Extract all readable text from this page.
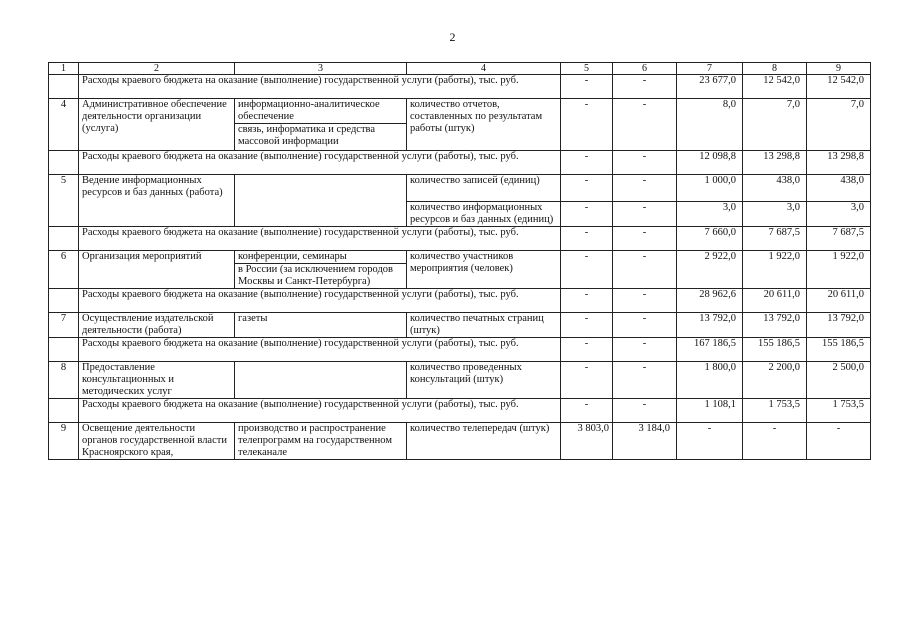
2
1	2	3	4	5	6	7	8	9
	Расходы краевого бюджета на оказание (выполнение) государственной услуги (работы), тыс. руб.			-	-	23 677,0	12 542,0	12 542,0
4	Административное обеспечение деятельности организации (услуга)	информационно-аналитическое обеспечение	количество отчетов, составленных по результатам работы (штук)	-	-	8,0	7,0	7,0
		связь, информатика и средства массовой информации						
	Расходы краевого бюджета на оказание (выполнение) государственной услуги (работы), тыс. руб.			-	-	12 098,8	13 298,8	13 298,8
5	Ведение информационных ресурсов и баз данных (работа)		количество записей (единиц)	-	-	1 000,0	438,0	438,0
			количество информационных ресурсов и баз данных (единиц)	-	-	3,0	3,0	3,0
	Расходы краевого бюджета на оказание (выполнение) государственной услуги (работы), тыс. руб.			-	-	7 660,0	7 687,5	7 687,5
6	Организация мероприятий	конференции, семинары	количество участников мероприятия (человек)	-	-	2 922,0	1 922,0	1 922,0
		в России (за исключением городов Москвы и Санкт-Петербурга)						
	Расходы краевого бюджета на оказание (выполнение) государственной услуги (работы), тыс. руб.			-	-	28 962,6	20 611,0	20 611,0
7	Осуществление издательской деятельности (работа)	газеты	количество печатных страниц (штук)	-	-	13 792,0	13 792,0	13 792,0
	Расходы краевого бюджета на оказание (выполнение) государственной услуги (работы), тыс. руб.			-	-	167 186,5	155 186,5	155 186,5
8	Предоставление консультационных и методических услуг		количество проведенных консультаций (штук)	-	-	1 800,0	2 200,0	2 500,0
	Расходы краевого бюджета на оказание (выполнение) государственной услуги (работы), тыс. руб.			-	-	1 108,1	1 753,5	1 753,5
9	Освещение деятельности органов государственной власти Красноярского края,	производство и распространение телепрограмм на государственном телеканале	количество телепередач (штук)	3 803,0	3 184,0	-	-	-
